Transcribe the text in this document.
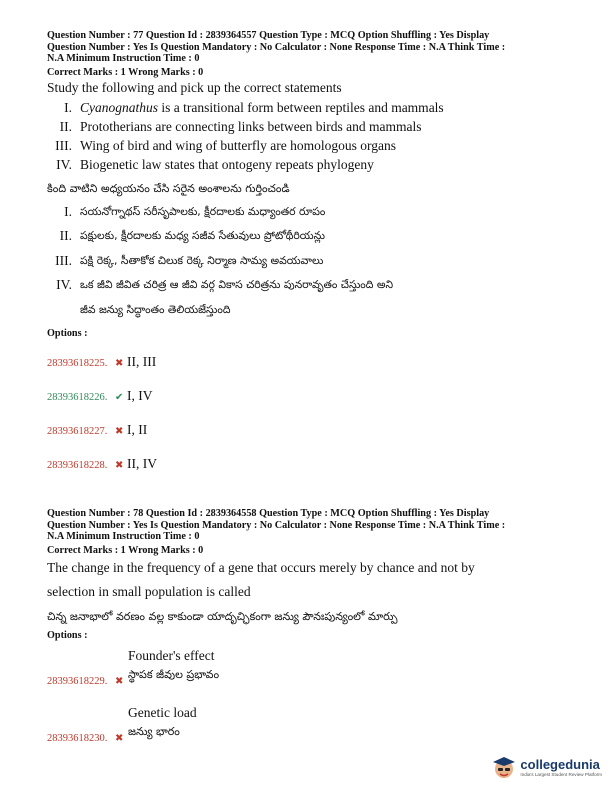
Question Number : 77 Question Id : 2839364557 Question Type : MCQ Option Shuffling : Yes Display
Question Number : Yes Is Question Mandatory : No Calculator : None Response Time : N.A Think Time :
N.A Minimum Instruction Time : 0
Correct Marks : 1 Wrong Marks : 0
Study the following and pick up the correct statements
I. Cyanognathus is a transitional form between reptiles and mammals
II. Prototherians are connecting links between birds and mammals
III. Wing of bird and wing of butterfly are homologous organs
IV. Biogenetic law states that ontogeny repeats phylogeny
కింది వాటిని అధ్యయనం చేసి సరైన అంశాలను గుర్తించండి
I. సయనోగ్నాథస్ సరీసృపాలకు, క్షీరదాలకు మధ్యాంతర రూపం
II. పక్షులకు, క్షీరదాలకు మధ్య సజీవ సేతువులు ప్రోటోథీరియన్లు
III. పక్షి రెక్క, సీతాకోక చిలుక రెక్క నిర్మాణ సామ్య అవయవాలు
IV. ఒక జీవి జీవిత చరిత్ర ఆ జీవి వర్గ వికాస చరిత్రను పునరావృతం చేస్తుంది అని
జీవ జన్యు సిద్ధాంతం తెలియజేస్తుంది
Options :
28393618225. ✖ II, III
28393618226. ✔ I, IV
28393618227. ✖ I, II
28393618228. ✖ II, IV
Question Number : 78 Question Id : 2839364558 Question Type : MCQ Option Shuffling : Yes Display
Question Number : Yes Is Question Mandatory : No Calculator : None Response Time : N.A Think Time :
N.A Minimum Instruction Time : 0
Correct Marks : 1 Wrong Marks : 0
The change in the frequency of a gene that occurs merely by chance and not by
selection in small population is called
చిన్న జనాభాలో వరణం వల్ల కాకుండా యాదృచ్ఛికంగా జన్యు పౌనఃపున్యంలో మార్పు
Options :
Founder's effect
స్థాపక జీవుల ప్రభావం
28393618229. ✖
Genetic load
జన్యు భారం
28393618230. ✖
collegedunia
India's Largest Student Review Platform
